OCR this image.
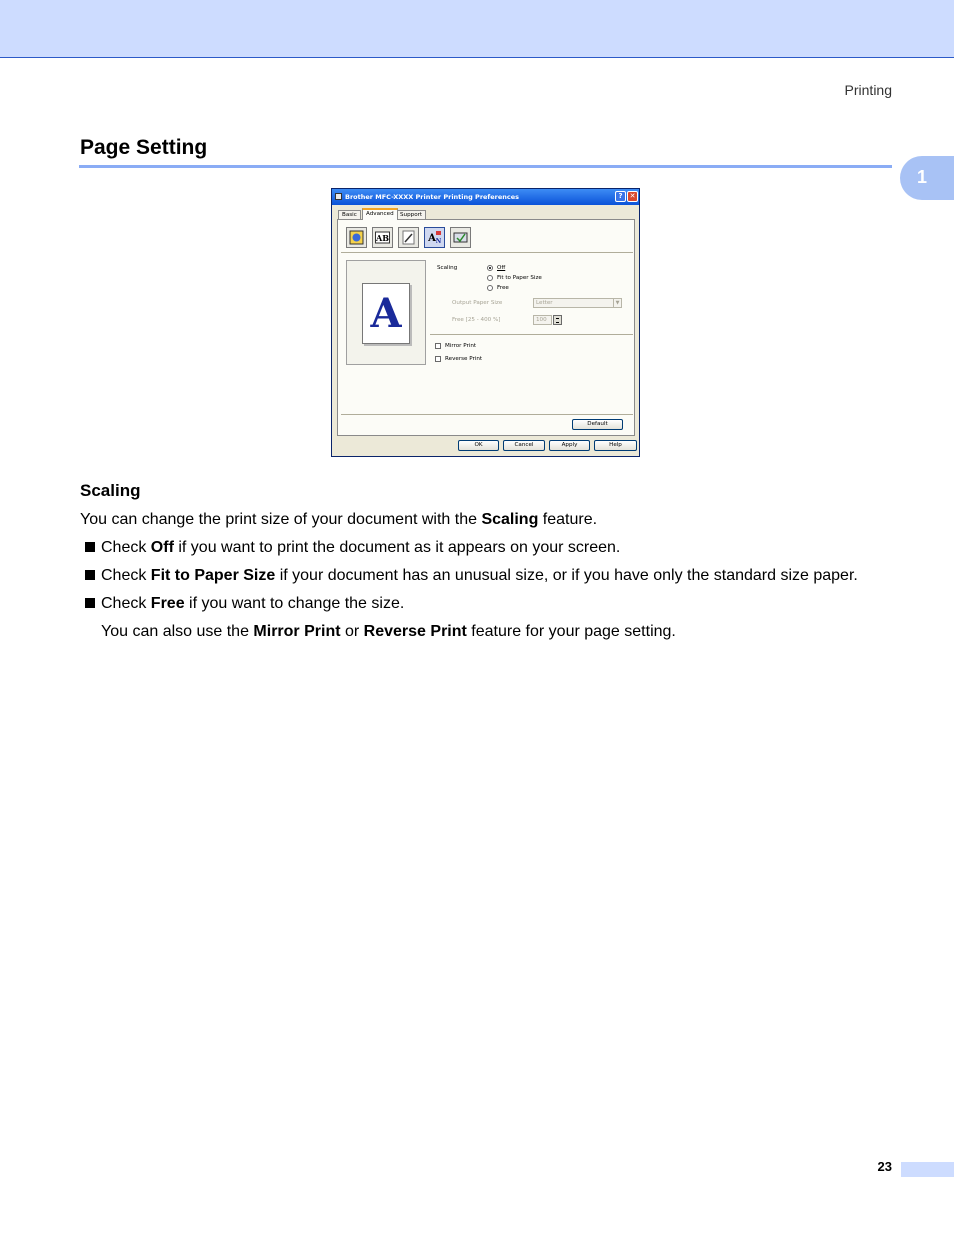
Printing
Page Setting
1
Brother MFC-XXXX Printer Printing Preferences	?	✕
Basic	Advanced	Support
AB	A N
A
Scaling	Off
Fit to Paper Size
Free
Output Paper Size	Letter	▼
Free [25 - 400 %]	100
Mirror Print
Reverse Print
Default
OK	Cancel	Apply	Help
Scaling

You can change the print size of your document with the Scaling feature.

Check Off if you want to print the document as it appears on your screen.

Check Fit to Paper Size if your document has an unusual size, or if you have only the standard size paper.

Check Free if you want to change the size.

You can also use the Mirror Print or Reverse Print feature for your page setting.

23
